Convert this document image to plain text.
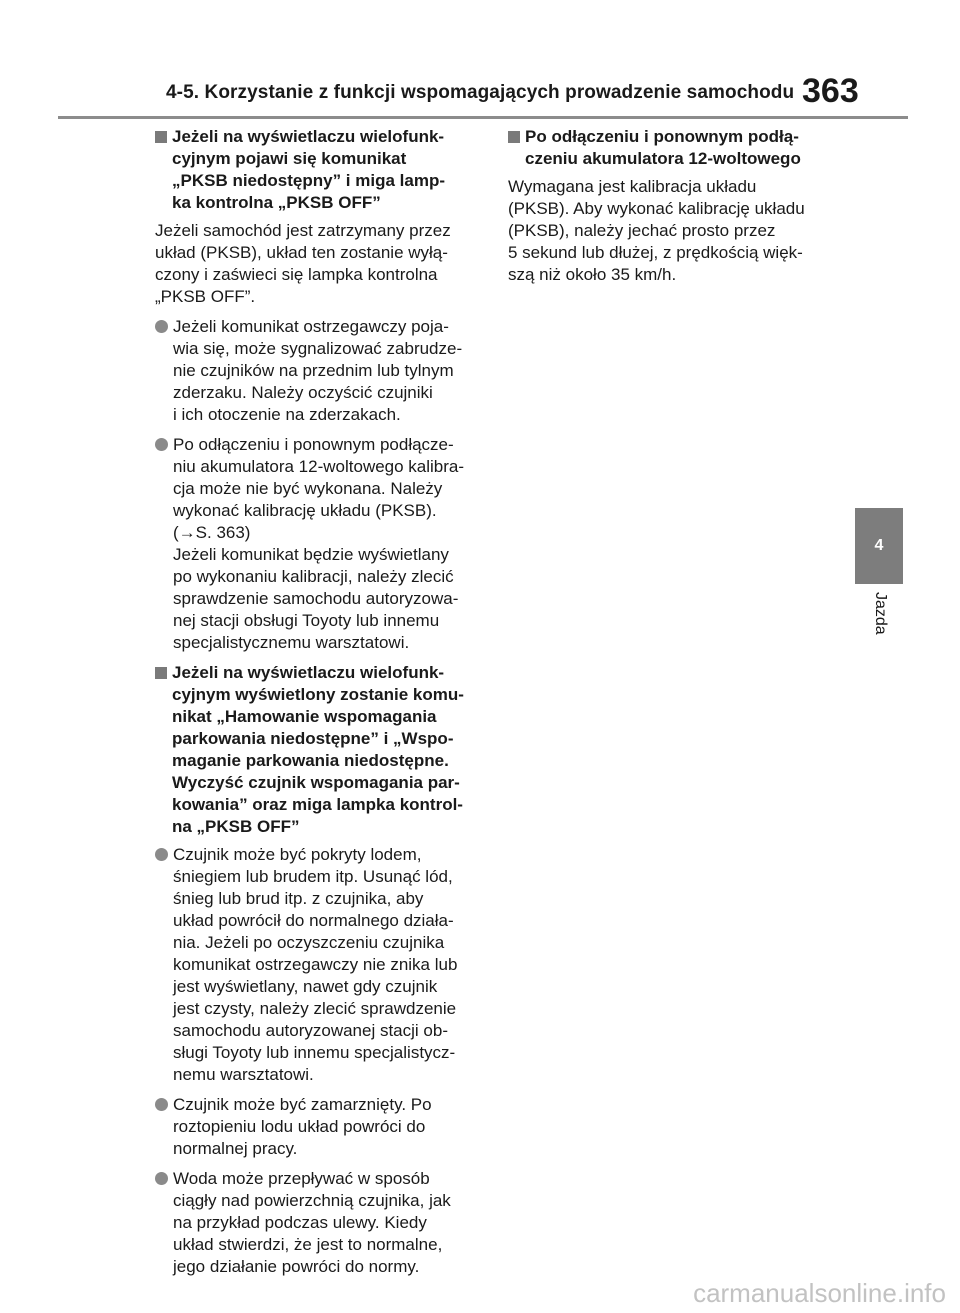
4-5. Korzystanie z funkcji wspomagających prowadzenie samochodu 363
Jeżeli na wyświetlaczu wielofunk-
cyjnym pojawi się komunikat
„PKSB niedostępny” i miga lamp-
ka kontrolna „PKSB OFF”
Jeżeli samochód jest zatrzymany przez
układ (PKSB), układ ten zostanie wyłą-
czony i zaświeci się lampka kontrolna
„PKSB OFF”.
Jeżeli komunikat ostrzegawczy poja-
wia się, może sygnalizować zabrudze-
nie czujników na przednim lub tylnym
zderzaku. Należy oczyścić czujniki
i ich otoczenie na zderzakach.
Po odłączeniu i ponownym podłącze-
niu akumulatora 12-woltowego kalibra-
cja może nie być wykonana. Należy
wykonać kalibrację układu (PKSB).
(→S. 363)
Jeżeli komunikat będzie wyświetlany
po wykonaniu kalibracji, należy zlecić
sprawdzenie samochodu autoryzowa-
nej stacji obsługi Toyoty lub innemu
specjalistycznemu warsztatowi.
Jeżeli na wyświetlaczu wielofunk-
cyjnym wyświetlony zostanie komu-
nikat „Hamowanie wspomagania
parkowania niedostępne” i „Wspo-
maganie parkowania niedostępne.
Wyczyść czujnik wspomagania par-
kowania” oraz miga lampka kontrol-
na „PKSB OFF”
Czujnik może być pokryty lodem,
śniegiem lub brudem itp. Usunąć lód,
śnieg lub brud itp. z czujnika, aby
układ powrócił do normalnego działa-
nia. Jeżeli po oczyszczeniu czujnika
komunikat ostrzegawczy nie znika lub
jest wyświetlany, nawet gdy czujnik
jest czysty, należy zlecić sprawdzenie
samochodu autoryzowanej stacji ob-
sługi Toyoty lub innemu specjalistycz-
nemu warsztatowi.
Czujnik może być zamarznięty. Po
roztopieniu lodu układ powróci do
normalnej pracy.
Woda może przepływać w sposób
ciągły nad powierzchnią czujnika, jak
na przykład podczas ulewy. Kiedy
układ stwierdzi, że jest to normalne,
jego działanie powróci do normy.
Po odłączeniu i ponownym podłą-
czeniu akumulatora 12-woltowego
Wymagana jest kalibracja układu
(PKSB). Aby wykonać kalibrację układu
(PKSB), należy jechać prosto przez
5 sekund lub dłużej, z prędkością więk-
szą niż około 35 km/h.
4
Jazda
carmanualsonline.info
